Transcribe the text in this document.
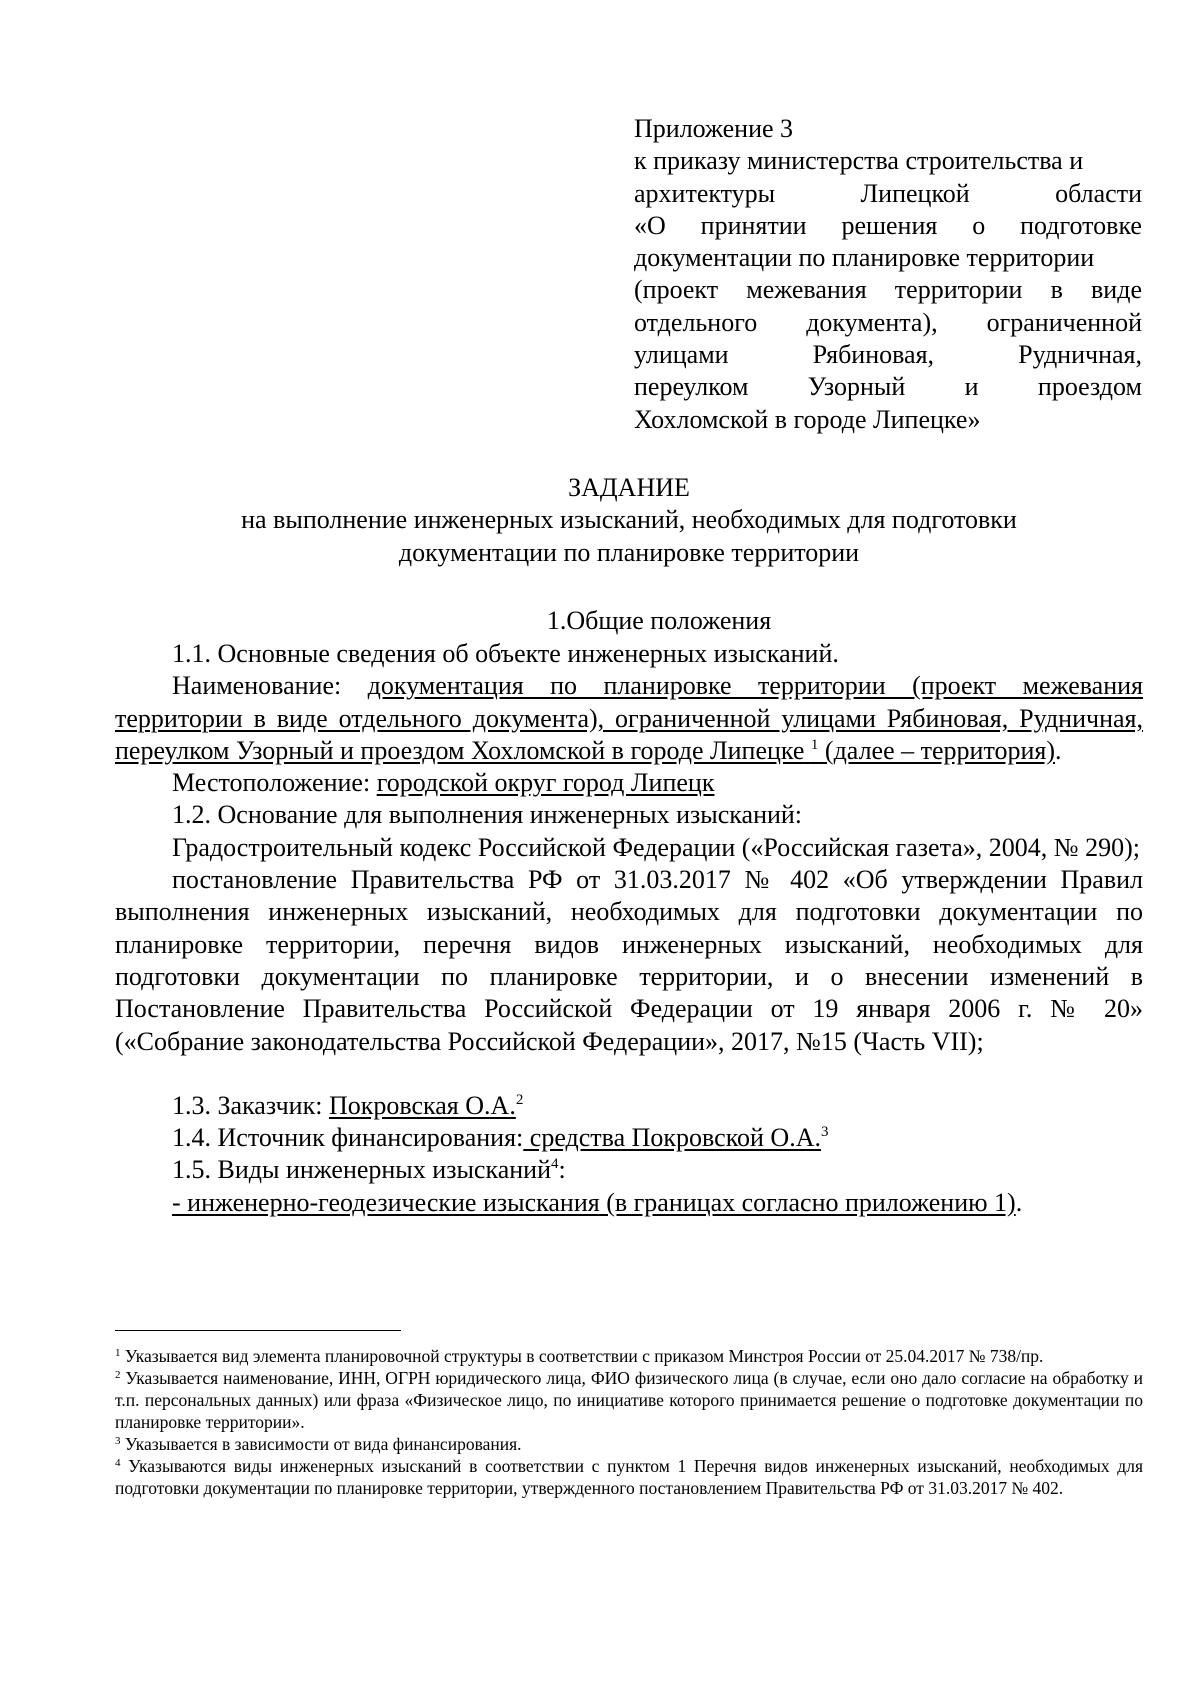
Приложение 3
к приказу министерства строительства и
архитектуры	Липецкой	области
«О принятии решения о подготовке
документации по планировке территории
(проект межевания территории в виде
отдельного документа), ограниченной
улицами	Рябиновая,	Рудничная,
переулком Узорный и проездом
Хохломской в городе Липецке»
ЗАДАНИЕ
на выполнение инженерных изысканий, необходимых для подготовки
документации по планировке территории
1.Общие положения

1.1. Основные сведения об объекте инженерных изысканий.

Наименование: документация по планировке территории (проект межевания территории в виде отдельного документа), ограниченной улицами Рябиновая, Рудничная, переулком Узорный и проездом Хохломской в городе Липецке $^1$ (далее – территория).

Местоположение: городской округ город Липецк

1.2. Основание для выполнения инженерных изысканий:

Градостроительный кодекс Российской Федерации («Российская газета», 2004, № 290);

постановление Правительства РФ от 31.03.2017 № 402 «Об утверждении Правил выполнения инженерных изысканий, необходимых для подготовки документации по планировке территории, перечня видов инженерных изысканий, необходимых для подготовки документации по планировке территории, и о внесении изменений в Постановление Правительства Российской Федерации от 19 января 2006 г. № 20» («Собрание законодательства Российской Федерации», 2017, №15 (Часть VII);

1.3. Заказчик: Покровская О.А.$^2$

1.4. Источник финансирования: средства Покровской О.А.$^3$

1.5. Виды инженерных изысканий$^4$:

- инженерно-геодезические изыскания (в границах согласно приложению 1).

$^1$ Указывается вид элемента планировочной структуры в соответствии с приказом Минстроя России от 25.04.2017 № 738/пр.

$^2$ Указывается наименование, ИНН, ОГРН юридического лица, ФИО физического лица (в случае, если оно дало согласие на обработку и т.п. персональных данных) или фраза «Физическое лицо, по инициативе которого принимается решение о подготовке документации по планировке территории».

$^3$ Указывается в зависимости от вида финансирования.

$^4$ Указываются виды инженерных изысканий в соответствии с пунктом 1 Перечня видов инженерных изысканий, необходимых для подготовки документации по планировке территории, утвержденного постановлением Правительства РФ от 31.03.2017 № 402.
